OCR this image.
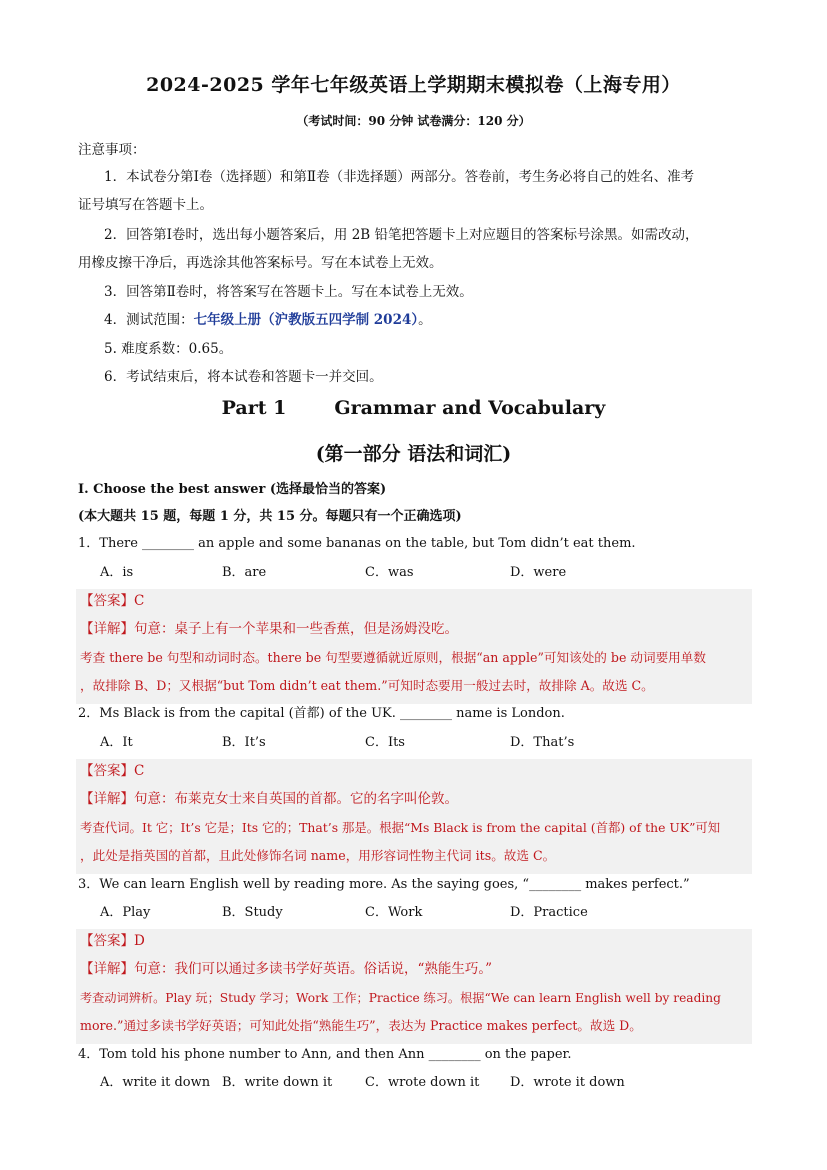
2024-2025 学年七年级英语上学期期末模拟卷（上海专用）
（考试时间：90 分钟 试卷满分：120 分）
注意事项：
1．本试卷分第Ⅰ卷（选择题）和第Ⅱ卷（非选择题）两部分。答卷前，考生务必将自己的姓名、准考
证号填写在答题卡上。
2．回答第Ⅰ卷时，选出每小题答案后，用 2B 铅笔把答题卡上对应题目的答案标号涂黑。如需改动，
用橡皮擦干净后，再选涂其他答案标号。写在本试卷上无效。
3．回答第Ⅱ卷时，将答案写在答题卡上。写在本试卷上无效。
4．测试范围：七年级上册（沪教版五四学制 2024）。
5. 难度系数：0.65。
6．考试结束后，将本试卷和答题卡一并交回。
Part 1	Grammar and Vocabulary
(第一部分 语法和词汇)
I. Choose the best answer (选择最恰当的答案)
(本大题共 15 题，每题 1 分，共 15 分。每题只有一个正确选项)
1．There ________ an apple and some bananas on the table, but Tom didn’t eat them.
A．is	B．are	C．was	D．were
【答案】C
【详解】句意：桌子上有一个苹果和一些香蕉，但是汤姆没吃。
考查 there be 句型和动词时态。there be 句型要遵循就近原则，根据“an apple”可知该处的 be 动词要用单数
，故排除 B、D；又根据“but Tom didn’t eat them.”可知时态要用一般过去时，故排除 A。故选 C。
2．Ms Black is from the capital (首都) of the UK. ________ name is London.
A．It	B．It’s	C．Its	D．That’s
【答案】C
【详解】句意：布莱克女士来自英国的首都。它的名字叫伦敦。
考查代词。It 它；It’s 它是；Its 它的；That’s 那是。根据“Ms Black is from the capital (首都) of the UK”可知
，此处是指英国的首都，且此处修饰名词 name，用形容词性物主代词 its。故选 C。
3．We can learn English well by reading more. As the saying goes, “________ makes perfect.”
A．Play	B．Study	C．Work	D．Practice
【答案】D
【详解】句意：我们可以通过多读书学好英语。俗话说，“熟能生巧。”
考查动词辨析。Play 玩；Study 学习；Work 工作；Practice 练习。根据“We can learn English well by reading
more.”通过多读书学好英语；可知此处指“熟能生巧”，表达为 Practice makes perfect。故选 D。
4．Tom told his phone number to Ann, and then Ann ________ on the paper.
A．write it down B．write down it	C．wrote down it D．wrote it down
